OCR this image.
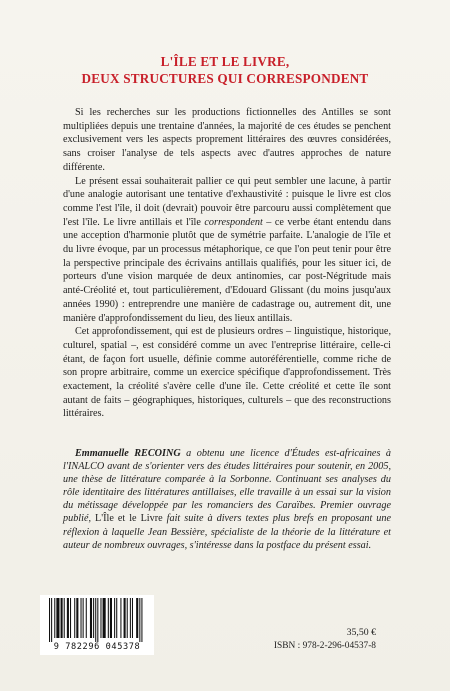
L'ÎLE ET LE LIVRE,
DEUX STRUCTURES QUI CORRESPONDENT

Si les recherches sur les productions fictionnelles des Antilles se sont multipliées depuis une trentaine d'années, la majorité de ces études se penchent exclusivement vers les aspects proprement littéraires des œuvres considérées, sans croiser l'analyse de tels aspects avec d'autres approches de nature différente.

Le présent essai souhaiterait pallier ce qui peut sembler une lacune, à partir d'une analogie autorisant une tentative d'exhaustivité : puisque le livre est clos comme l'est l'île, il doit (devrait) pouvoir être parcouru aussi complètement que l'est l'île. Le livre antillais et l'île correspondent – ce verbe étant entendu dans une acception d'harmonie plutôt que de symétrie parfaite. L'analogie de l'île et du livre évoque, par un processus métaphorique, ce que l'on peut tenir pour être la perspective principale des écrivains antillais qualifiés, pour les situer ici, de porteurs d'une vision marquée de deux antinomies, car post-Négritude mais anté-Créolité et, tout particulièrement, d'Edouard Glissant (du moins jusqu'aux années 1990) : entreprendre une manière de cadastrage ou, autrement dit, une manière d'approfondissement du lieu, des lieux antillais.

Cet approfondissement, qui est de plusieurs ordres – linguistique, historique, culturel, spatial –, est considéré comme un avec l'entreprise littéraire, celle-ci étant, de façon fort usuelle, définie comme autoréférentielle, comme riche de son propre arbitraire, comme un exercice spécifique d'approfondissement. Très exactement, la créolité s'avère celle d'une île. Cette créolité et cette île sont autant de faits – géographiques, historiques, culturels – que des reconstructions littéraires.

Emmanuelle RECOING a obtenu une licence d'Études est-africaines à l'INALCO avant de s'orienter vers des études littéraires pour soutenir, en 2005, une thèse de littérature comparée à la Sorbonne. Continuant ses analyses du rôle identitaire des littératures antillaises, elle travaille à un essai sur la vision du métissage développée par les romanciers des Caraïbes. Premier ouvrage publié, L'Île et le Livre fait suite à divers textes plus brefs en proposant une réflexion à laquelle Jean Bessière, spécialiste de la théorie de la littérature et auteur de nombreux ouvrages, s'intéresse dans la postface du présent essai.

9 782296 045378
35,50 €
ISBN : 978-2-296-04537-8
